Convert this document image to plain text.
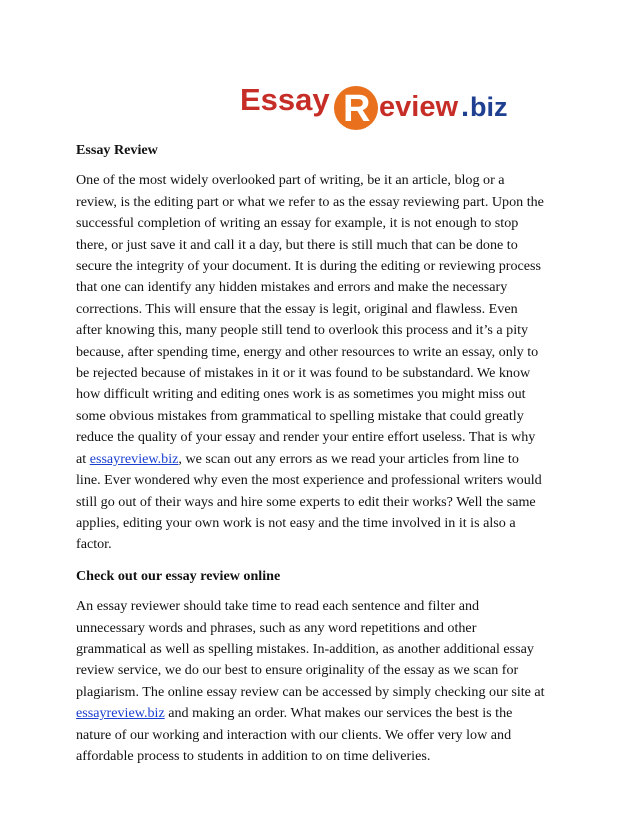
Essay R eview . biz

Essay Review

One of the most widely overlooked part of writing, be it an article, blog or a
review, is the editing part or what we refer to as the essay reviewing part. Upon the
successful completion of writing an essay for example, it is not enough to stop
there, or just save it and call it a day, but there is still much that can be done to
secure the integrity of your document. It is during the editing or reviewing process
that one can identify any hidden mistakes and errors and make the necessary
corrections. This will ensure that the essay is legit, original and flawless. Even
after knowing this, many people still tend to overlook this process and it’s a pity
because, after spending time, energy and other resources to write an essay, only to
be rejected because of mistakes in it or it was found to be substandard. We know
how difficult writing and editing ones work is as sometimes you might miss out
some obvious mistakes from grammatical to spelling mistake that could greatly
reduce the quality of your essay and render your entire effort useless. That is why
at essayreview.biz, we scan out any errors as we read your articles from line to
line. Ever wondered why even the most experience and professional writers would
still go out of their ways and hire some experts to edit their works? Well the same
applies, editing your own work is not easy and the time involved in it is also a
factor.

Check out our essay review online

An essay reviewer should take time to read each sentence and filter and
unnecessary words and phrases, such as any word repetitions and other
grammatical as well as spelling mistakes. In-addition, as another additional essay
review service, we do our best to ensure originality of the essay as we scan for
plagiarism. The online essay review can be accessed by simply checking our site at
essayreview.biz and making an order. What makes our services the best is the
nature of our working and interaction with our clients. We offer very low and
affordable process to students in addition to on time deliveries.
